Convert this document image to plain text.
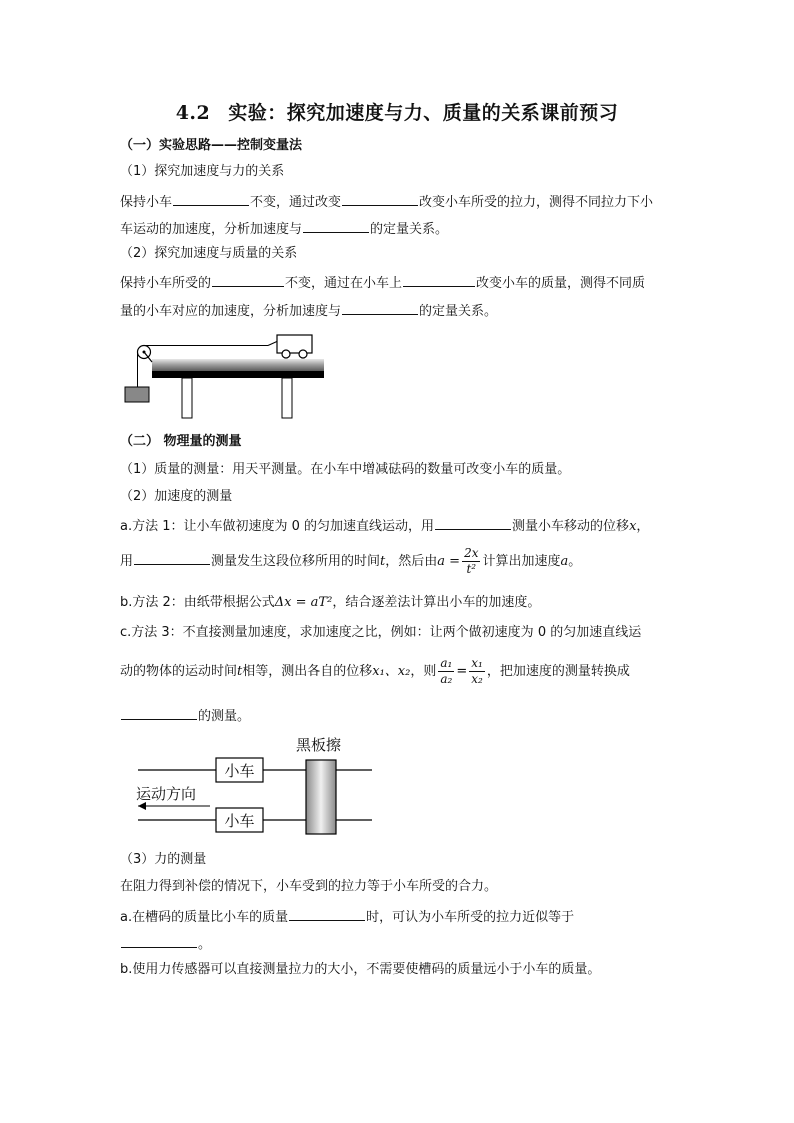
4.2 实验：探究加速度与力、质量的关系课前预习
（一）实验思路——控制变量法
（1）探究加速度与力的关系
保持小车	不变，通过改变	改变小车所受的拉力，测得不同拉力下小
车运动的加速度，分析加速度与	的定量关系。
（2）探究加速度与质量的关系
保持小车所受的	不变，通过在小车上	改变小车的质量，测得不同质
量的小车对应的加速度，分析加速度与	的定量关系。
（二） 物理量的测量
（1）质量的测量：用天平测量。在小车中增减砝码的数量可改变小车的质量。
（2）加速度的测量
a.方法 1：让小车做初速度为 0 的匀加速直线运动，用	测量小车移动的位移x，
用	测量发生这段位移所用的时间t，然后由$a = \frac{2x}{\text{t²}}$ 计算出加速度a。
b.方法 2：由纸带根据公式Δx = aT²，结合逐差法计算出小车的加速度。
c.方法 3：不直接测量加速度，求加速度之比，例如：让两个做初速度为 0 的匀加速直线运
动的物体的运动时间t相等，测出各自的位移x₁、x₂，则 $\frac{\text{a₁}}{\text{a₂}} = \frac{\text{x₁}}{\text{x₂}}$ ，把加速度的测量转换成
的测量。
黑板擦
小车
小车
运动方向
（3）力的测量
在阻力得到补偿的情况下，小车受到的拉力等于小车所受的合力。
a.在槽码的质量比小车的质量	时，可认为小车所受的拉力近似等于
。
b.使用力传感器可以直接测量拉力的大小，不需要使槽码的质量远小于小车的质量。
